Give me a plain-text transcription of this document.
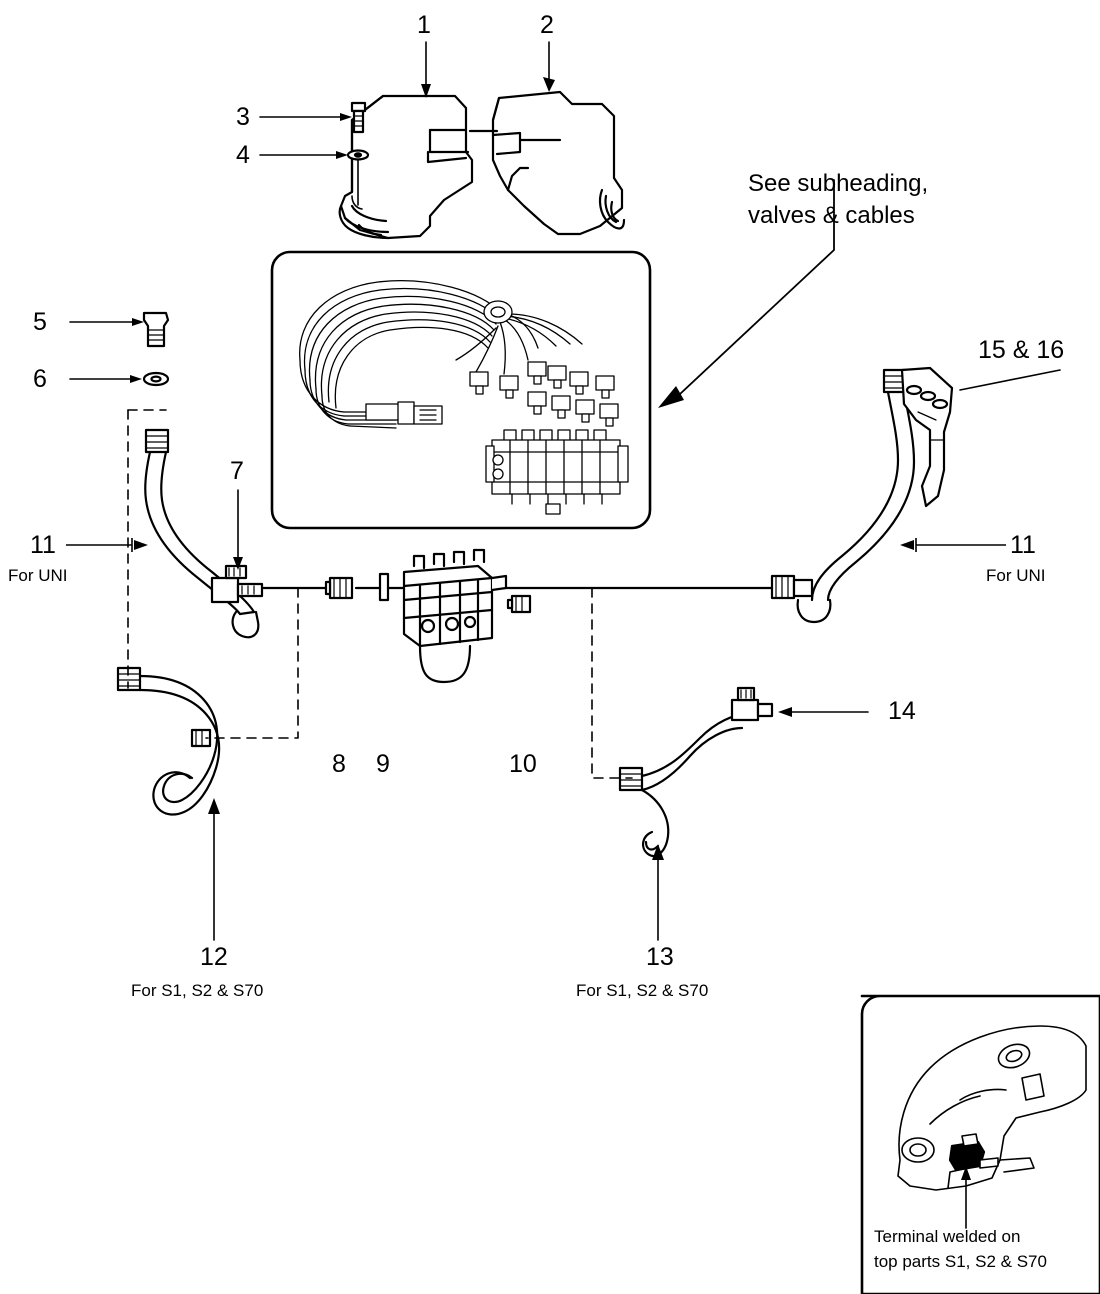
1	2
3
4
5
6
7
8 9	10
11	11
12	13
14
15 & 16
See subheading,
valves & cables
For UNI	For UNI
For S1, S2 & S70	For S1, S2 & S70
Terminal welded on
top parts S1, S2 & S70
